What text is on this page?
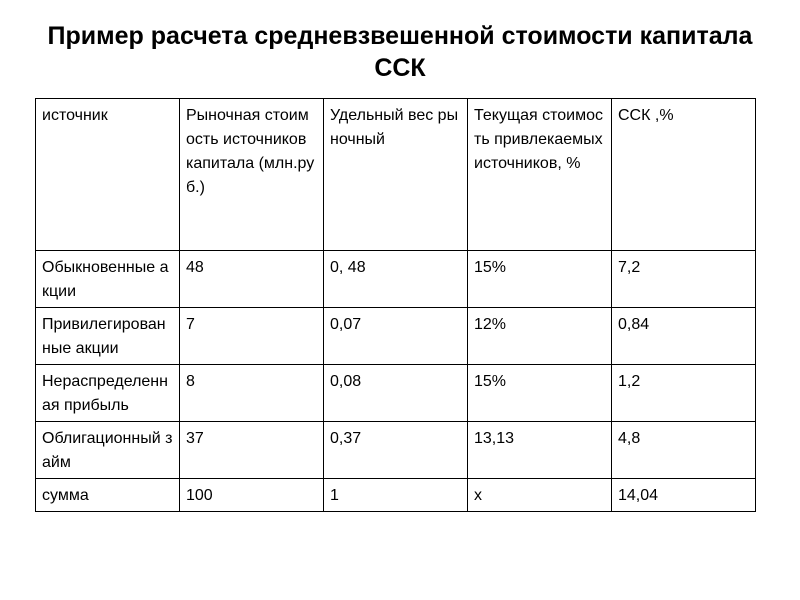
Пример расчета средневзвешенной стоимости капитала ССК
источник	Рыночная стоимость источников капитала (млн.руб.)	Удельный вес рыночный	Текущая стоимость привлекаемых источников, %	ССК ,%
Обыкновенные акции	48	0, 48	15%	7,2
Привилегированные акции	7	0,07	12%	0,84
Нераспределенная прибыль	8	0,08	15%	1,2
Облигационный займ	37	0,37	13,13	4,8
сумма	100	1	х	14,04
